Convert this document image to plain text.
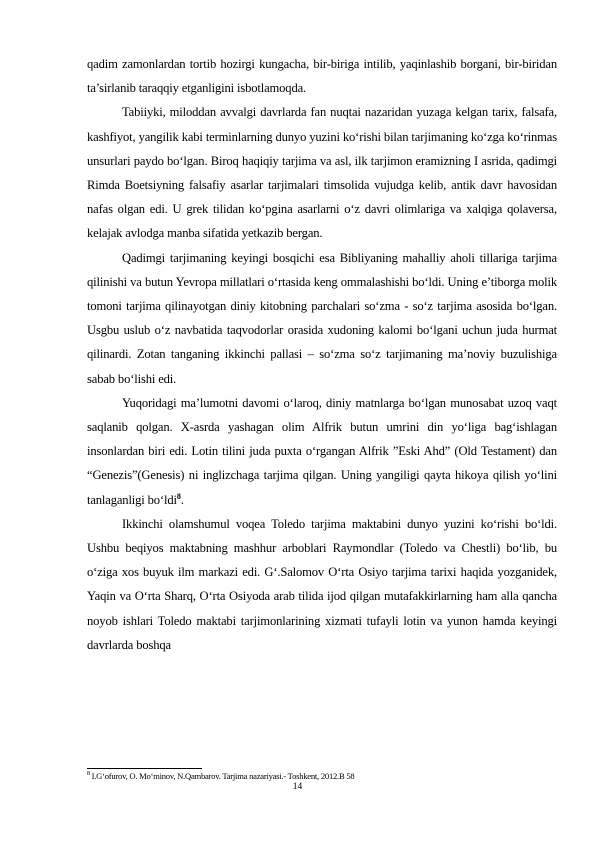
qadim zamonlardan tortib hozirgi kungacha, bir-biriga intilib, yaqinlashib borgani, bir-biridan ta’sirlanib taraqqiy etganligini isbotlamoqda.

Tabiiyki, miloddan avvalgi davrlarda fan nuqtai nazaridan yuzaga kelgan tarix, falsafa, kashfiyot, yangilik kabi terminlarning dunyo yuzini ko‘rishi bilan tarjimaning ko‘zga ko‘rinmas unsurlari paydo bo‘lgan. Biroq haqiqiy tarjima va asl, ilk tarjimon eramizning I asrida, qadimgi Rimda Boetsiyning falsafiy asarlar tarjimalari timsolida vujudga kelib, antik davr havosidan nafas olgan edi. U grek tilidan ko‘pgina asarlarni o‘z davri olimlariga va xalqiga qolaversa, kelajak avlodga manba sifatida yetkazib bergan.

Qadimgi tarjimaning keyingi bosqichi esa Bibliyaning mahalliy aholi tillariga tarjima qilinishi va butun Yevropa millatlari o‘rtasida keng ommalashishi bo‘ldi. Uning e’tiborga molik tomoni tarjima qilinayotgan diniy kitobning parchalari so‘zma - so‘z tarjima asosida bo‘lgan. Usgbu uslub o‘z navbatida taqvodorlar orasida xudoning kalomi bo‘lgani uchun juda hurmat qilinardi. Zotan tanganing ikkinchi pallasi – so‘zma so‘z tarjimaning ma’noviy buzulishiga sabab bo‘lishi edi.

Yuqoridagi ma’lumotni davomi o‘laroq, diniy matnlarga bo‘lgan munosabat uzoq vaqt saqlanib qolgan. X-asrda yashagan olim Alfrik butun umrini din yo‘liga bag‘ishlagan insonlardan biri edi. Lotin tilini juda puxta o‘rgangan Alfrik ”Eski Ahd” (Old Testament) dan “Genezis”(Genesis) ni inglizchaga tarjima qilgan. Uning yangiligi qayta hikoya qilish yo‘lini tanlaganligi bo‘ldi$^8$.

Ikkinchi olamshumul voqea Toledo tarjima maktabini dunyo yuzini ko‘rishi bo‘ldi. Ushbu beqiyos maktabning mashhur arboblari Raymondlar (Toledo va Chestli) bo‘lib, bu o‘ziga xos buyuk ilm markazi edi. G‘.Salomov O‘rta Osiyo tarjima tarixi haqida yozganidek, Yaqin va O‘rta Sharq, O‘rta Osiyoda arab tilida ijod qilgan mutafakkirlarning ham alla qancha noyob ishlari Toledo maktabi tarjimonlarining xizmati tufayli lotin va yunon hamda keyingi davrlarda boshqa

$^8$ I.G‘ofurov, O. Mo‘minov, N.Qambarov. Tarjima nazariyasi.- Toshkent, 2012.B 58
14
